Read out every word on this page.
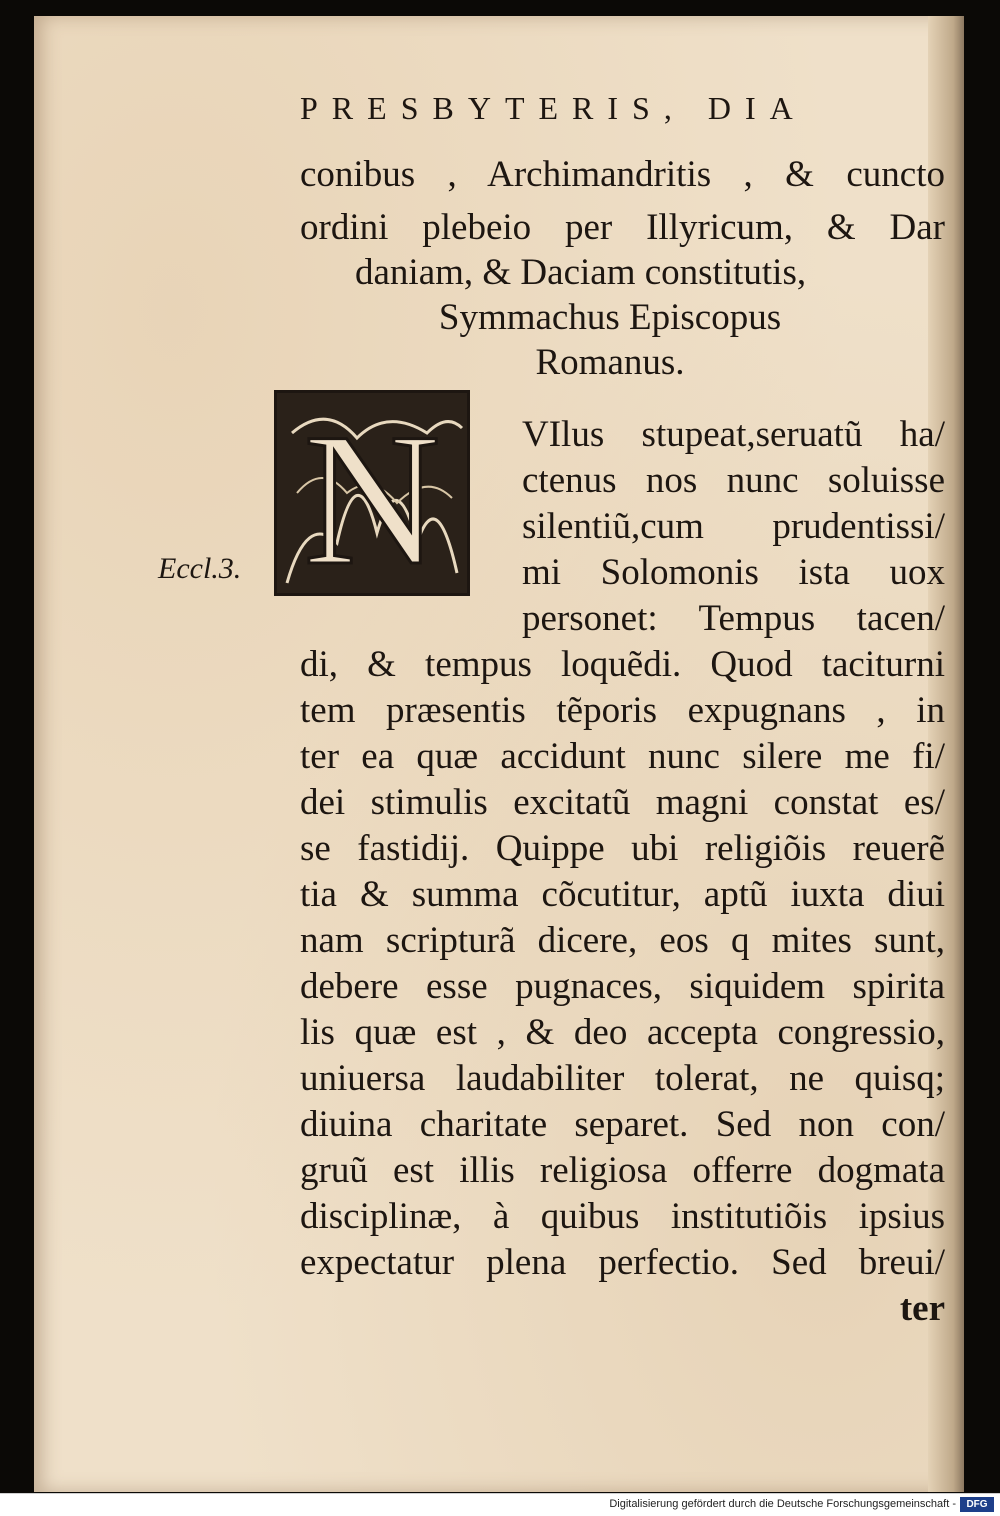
PRESBYTERIS, DIA
conibus , Archimandritis , & cuncto
ordini plebeio per Illyricum, & Dar
daniam, & Daciam constitutis,
Symmachus Episcopus
Romanus.
N
Eccl.3.
VIlus stupeat,seruatũ ha/
ctenus nos nunc soluisse
silentiũ,cum prudentissi/
mi Solomonis ista uox
personet: Tempus tacen/
di, & tempus loquẽdi. Quod taciturni
tem præsentis tẽporis expugnans , in
ter ea quæ accidunt nunc silere me fi/
dei stimulis excitatũ magni constat es/
se fastidij. Quippe ubi religiõis reuerẽ
tia & summa cõcutitur, aptũ iuxta diui
nam scripturã dicere, eos q mites sunt,
debere esse pugnaces, siquidem spirita
lis quæ est , & deo accepta congressio,
uniuersa laudabiliter tolerat, ne quisq;
diuina charitate separet. Sed non con/
gruũ est illis religiosa offerre dogmata
disciplinæ, à quibus institutiõis ipsius
expectatur plena perfectio. Sed breui/
ter
Digitalisierung gefördert durch die Deutsche Forschungsgemeinschaft -	DFG
